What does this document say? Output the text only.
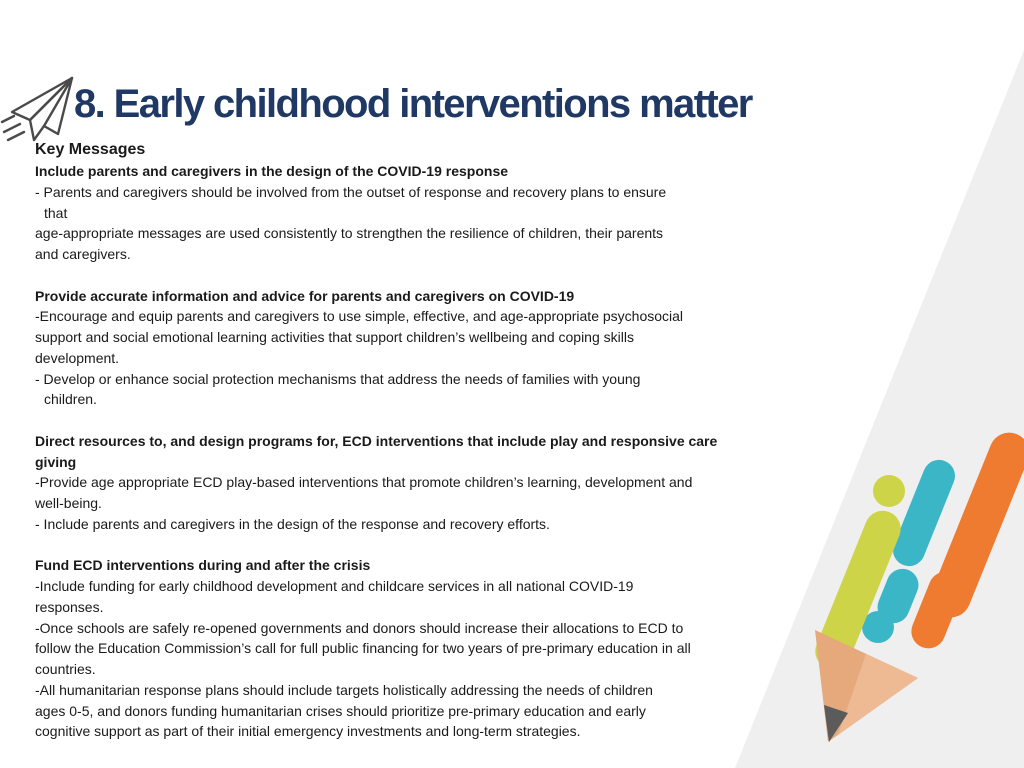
8. Early childhood interventions matter

Key Messages

Include parents and caregivers in the design of the COVID-19 response

- Parents and caregivers should be involved from the outset of response and recovery plans to ensure

that

age-appropriate messages are used consistently to strengthen the resilience of children, their parents

and caregivers.

Provide accurate information and advice for parents and caregivers on COVID-19

-Encourage and equip parents and caregivers to use simple, effective, and age-appropriate psychosocial

support and social emotional learning activities that support children’s wellbeing and coping skills

development.

- Develop or enhance social protection mechanisms that address the needs of families with young

children.

Direct resources to, and design programs for, ECD interventions that include play and responsive care

giving

-Provide age appropriate ECD play-based interventions that promote children’s learning, development and

well-being.

- Include parents and caregivers in the design of the response and recovery efforts.

Fund ECD interventions during and after the crisis

-Include funding for early childhood development and childcare services in all national COVID-19

responses.

-Once schools are safely re-opened governments and donors should increase their allocations to ECD to

follow the Education Commission’s call for full public financing for two years of pre-primary education in all

countries.

-All humanitarian response plans should include targets holistically addressing the needs of children

ages 0-5, and donors funding humanitarian crises should prioritize pre-primary education and early

cognitive support as part of their initial emergency investments and long-term strategies.
